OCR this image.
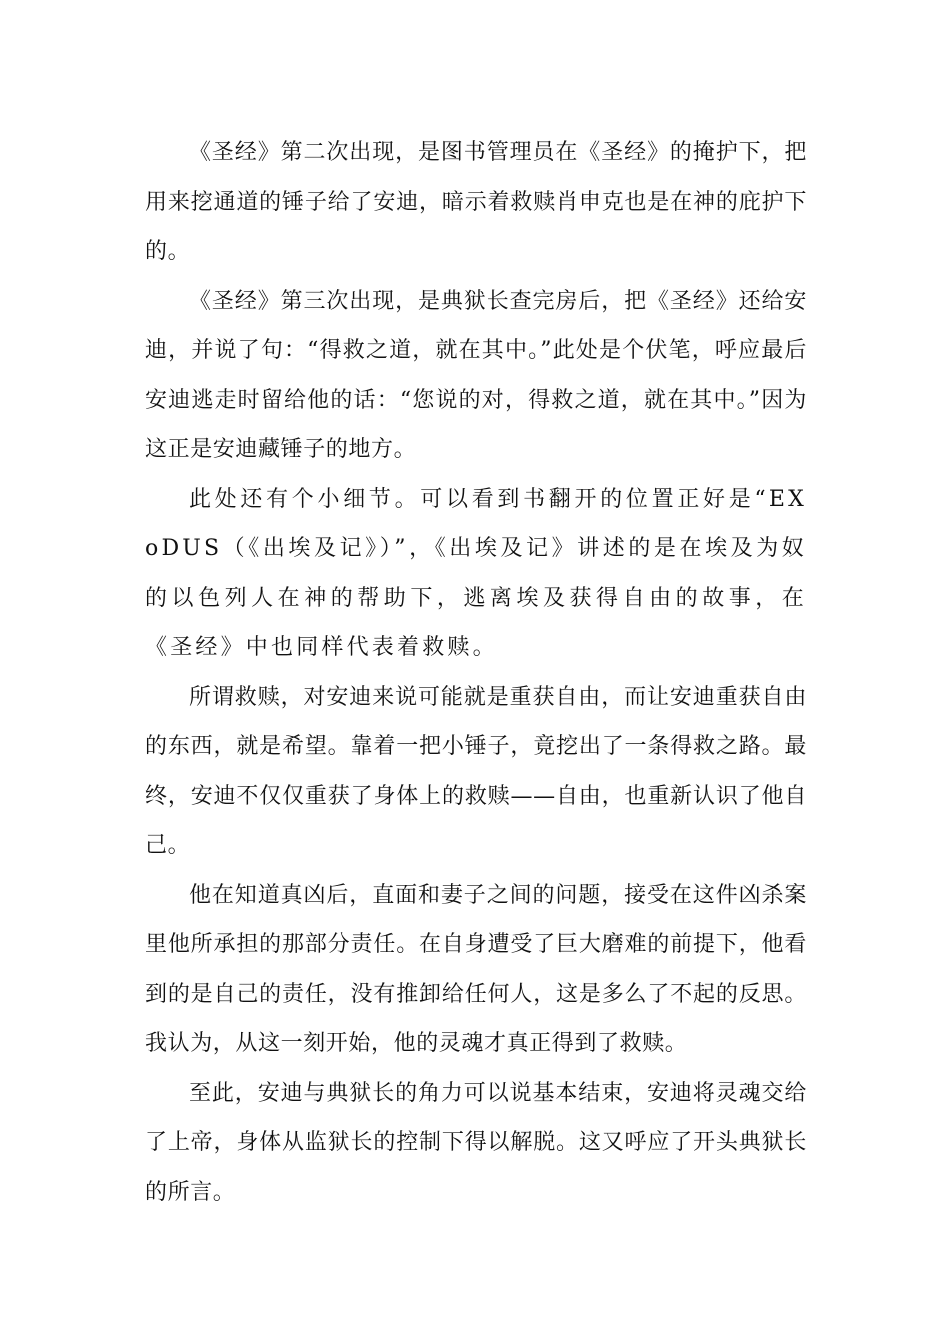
《圣经》第二次出现，是图书管理员在《圣经》的掩护下，把用来挖通道的锤子给了安迪，暗示着救赎肖申克也是在神的庇护下的。

《圣经》第三次出现，是典狱长查完房后，把《圣经》还给安迪，并说了句：“得救之道，就在其中。”此处是个伏笔，呼应最后安迪逃走时留给他的话：“您说的对，得救之道，就在其中。”因为这正是安迪藏锤子的地方。

此处还有个小细节。可以看到书翻开的位置正好是“EXoDUS（《出埃及记》）”，《出埃及记》讲述的是在埃及为奴的以色列人在神的帮助下，逃离埃及获得自由的故事，在《圣经》中也同样代表着救赎。

所谓救赎，对安迪来说可能就是重获自由，而让安迪重获自由的东西，就是希望。靠着一把小锤子，竟挖出了一条得救之路。最终，安迪不仅仅重获了身体上的救赎——自由，也重新认识了他自己。

他在知道真凶后，直面和妻子之间的问题，接受在这件凶杀案里他所承担的那部分责任。在自身遭受了巨大磨难的前提下，他看到的是自己的责任，没有推卸给任何人，这是多么了不起的反思。我认为，从这一刻开始，他的灵魂才真正得到了救赎。

至此，安迪与典狱长的角力可以说基本结束，安迪将灵魂交给了上帝，身体从监狱长的控制下得以解脱。这又呼应了开头典狱长的所言。
